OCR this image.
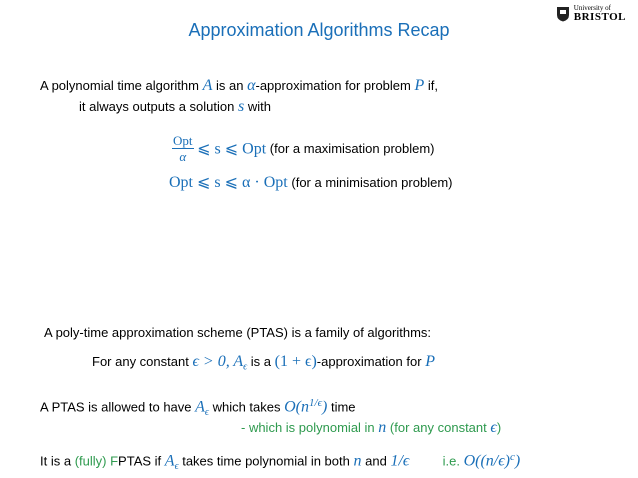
Approximation Algorithms Recap
University of
BRISTOL
A polynomial time algorithm A is an α-approximation for problem P if,
it always outputs a solution s with
$\frac{\text{Opt}}{\alpha}$ ⩽ s ⩽ Opt (for a maximisation problem)
Opt ⩽ s ⩽ α · Opt (for a minimisation problem)
A poly-time approximation scheme (PTAS) is a family of algorithms:
For any constant ϵ > 0, $A_\epsilon$ is a (1 + ϵ)-approximation for P
A PTAS is allowed to have $A_\epsilon$ which takes $O(n^{1/\epsilon})$ time
- which is polynomial in n (for any constant ϵ)
It is a (fully) FPTAS if $A_\epsilon$ takes time polynomial in both n and 1/ϵ	i.e. $O((n/\epsilon)^c)$
